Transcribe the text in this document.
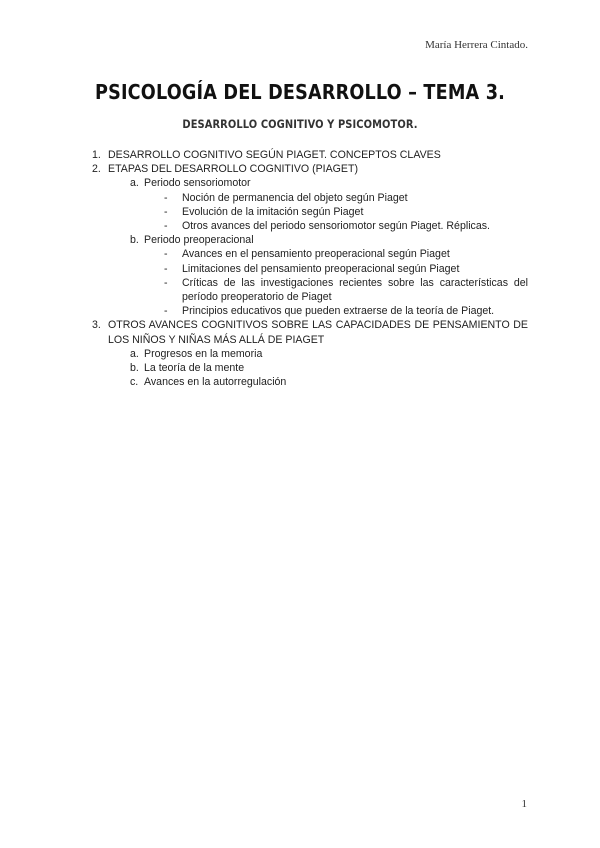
María Herrera Cintado.
PSICOLOGÍA DEL DESARROLLO – TEMA 3.
DESARROLLO COGNITIVO Y PSICOMOTOR.
1. DESARROLLO COGNITIVO SEGÚN PIAGET. CONCEPTOS CLAVES
2. ETAPAS DEL DESARROLLO COGNITIVO (PIAGET)
a. Periodo sensoriomotor
- Noción de permanencia del objeto según Piaget
- Evolución de la imitación según Piaget
- Otros avances del periodo sensoriomotor según Piaget. Réplicas.
b. Periodo preoperacional
- Avances en el pensamiento preoperacional según Piaget
- Limitaciones del pensamiento preoperacional según Piaget
- Críticas de las investigaciones recientes sobre las características del período preoperatorio de Piaget
- Principios educativos que pueden extraerse de la teoría de Piaget.
3. OTROS AVANCES COGNITIVOS SOBRE LAS CAPACIDADES DE PENSAMIENTO DE LOS NIÑOS Y NIÑAS MÁS ALLÁ DE PIAGET
a. Progresos en la memoria
b. La teoría de la mente
c. Avances en la autorregulación
1
